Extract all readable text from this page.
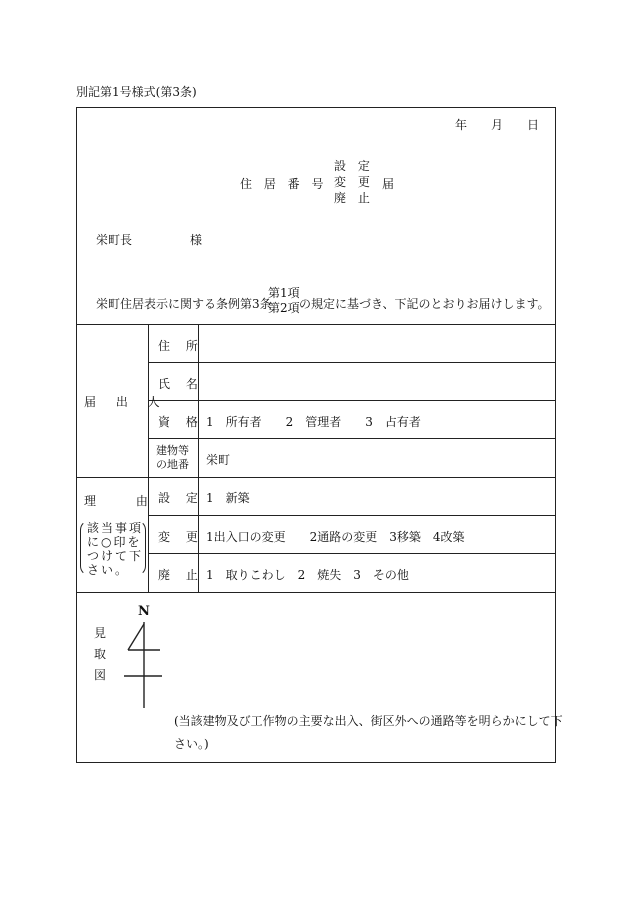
別記第1号様式(第3条)
年 月 日
住 居 番 号
設 定
変 更
廃 止
届
栄町長	様
栄町住居表示に関する条例第3条
第1項
第2項 の規定に基づき、下記のとおりお届けします。
届 出 人
住 所
氏 名
資 格 1　所有者　　2　管理者　　3　占有者
建物等
の地番 栄町
理 由
該当事項
に○印を
つけて下
さい。
設 定 1　新築
変 更 1出入口の変更　　2通路の変更　3移築　4改築
廃 止 1　取りこわし　2　焼失　3　その他
見
取
図
N
(当該建物及び工作物の主要な出入、街区外への通路等を明らかにして下
さい。)
